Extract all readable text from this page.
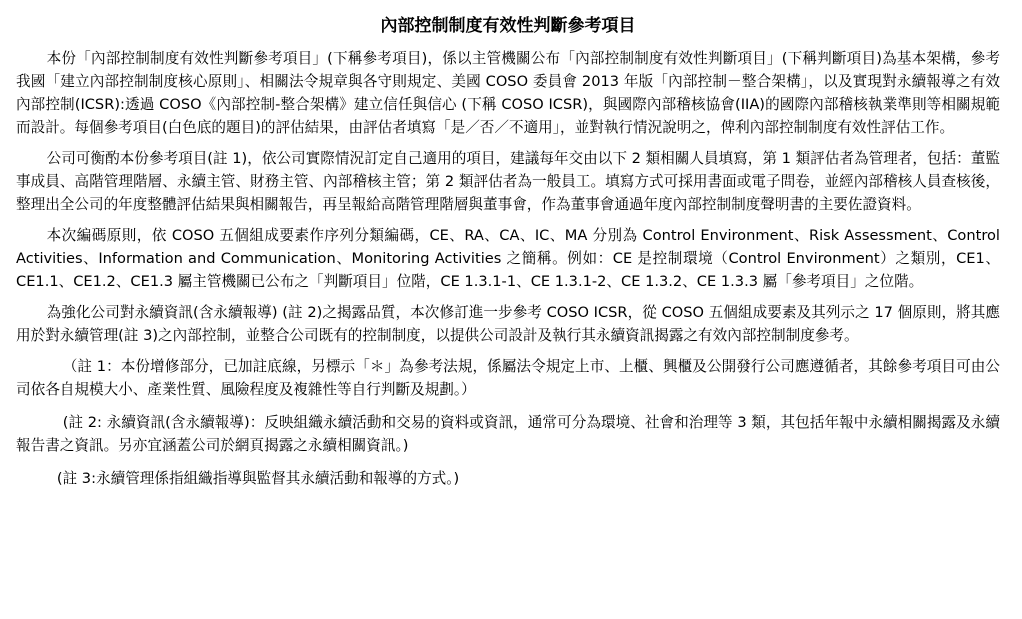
內部控制制度有效性判斷參考項目

本份「內部控制制度有效性判斷參考項目」(下稱參考項目)，係以主管機關公布「內部控制制度有效性判斷項目」(下稱判斷項目)為基本架構，參考我國「建立內部控制制度核心原則」、相關法令規章與各守則規定、美國 COSO 委員會 2013 年版「內部控制－整合架構」，以及實現對永續報導之有效內部控制(ICSR):透過 COSO《內部控制-整合架構》建立信任與信心 (下稱 COSO ICSR)，與國際內部稽核協會(IIA)的國際內部稽核執業準則等相關規範而設計。每個參考項目(白色底的題目)的評估結果，由評估者填寫「是／否／不適用」，並對執行情況說明之，俾利內部控制制度有效性評估工作。

公司可衡酌本份參考項目(註 1)，依公司實際情況訂定自己適用的項目，建議每年交由以下 2 類相關人員填寫，第 1 類評估者為管理者，包括：董監事成員、高階管理階層、永續主管、財務主管、內部稽核主管；第 2 類評估者為一般員工。填寫方式可採用書面或電子問卷，並經內部稽核人員查核後，整理出全公司的年度整體評估結果與相關報告，再呈報給高階管理階層與董事會，作為董事會通過年度內部控制制度聲明書的主要佐證資料。

本次編碼原則，依 COSO 五個組成要素作序列分類編碼，CE、RA、CA、IC、MA 分別為 Control Environment、Risk Assessment、Control Activities、Information and Communication、Monitoring Activities 之簡稱。例如：CE 是控制環境（Control Environment）之類別，CE1、CE1.1、CE1.2、CE1.3 屬主管機關已公布之「判斷項目」位階，CE 1.3.1-1、CE 1.3.1-2、CE 1.3.2、CE 1.3.3 屬「參考項目」之位階。

為強化公司對永續資訊(含永續報導) (註 2)之揭露品質，本次修訂進一步參考 COSO ICSR，從 COSO 五個組成要素及其列示之 17 個原則，將其應用於對永續管理(註 3)之內部控制，並整合公司既有的控制制度，以提供公司設計及執行其永續資訊揭露之有效內部控制制度參考。

（註 1：本份增修部分，已加註底線，另標示「＊」為參考法規，係屬法令規定上市、上櫃、興櫃及公開發行公司應遵循者，其餘參考項目可由公司依各自規模大小、產業性質、風險程度及複雜性等自行判斷及規劃。）

(註 2: 永續資訊(含永續報導)：反映組織永續活動和交易的資料或資訊，通常可分為環境、社會和治理等 3 類，其包括年報中永續相關揭露及永續報告書之資訊。另亦宜涵蓋公司於網頁揭露之永續相關資訊。)

(註 3:永續管理係指組織指導與監督其永續活動和報導的方式。)
